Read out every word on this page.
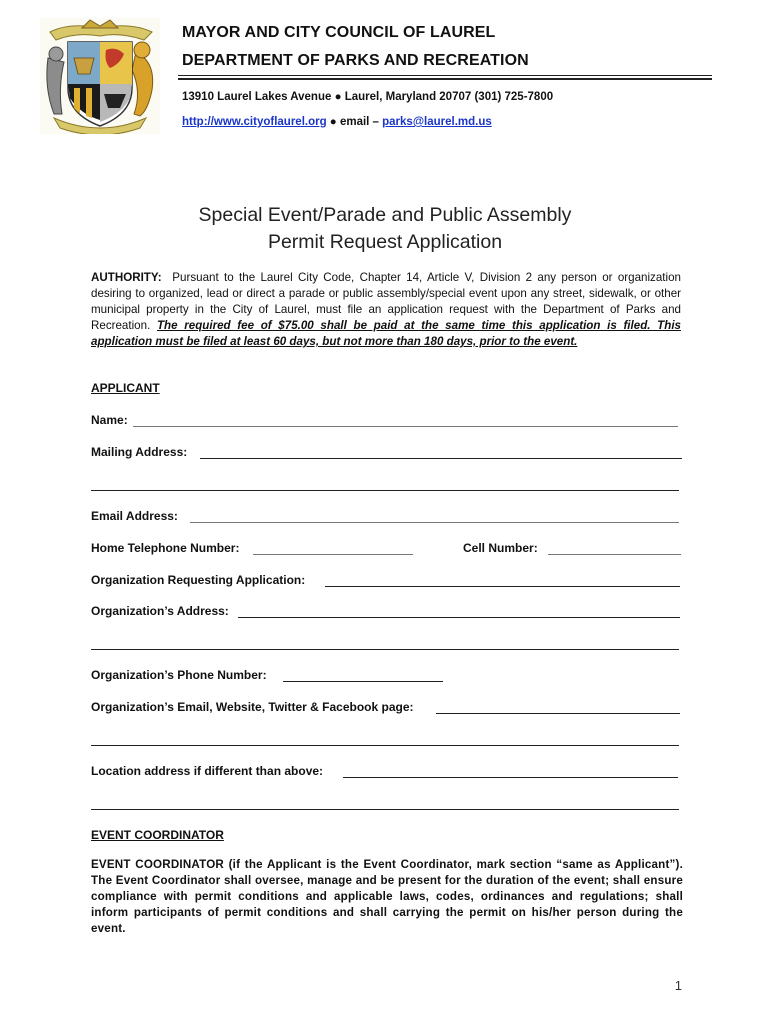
MAYOR AND CITY COUNCIL OF LAUREL
DEPARTMENT OF PARKS AND RECREATION
13910 Laurel Lakes Avenue ● Laurel, Maryland 20707 (301) 725-7800
http://www.cityoflaurel.org ● email – parks@laurel.md.us
Special Event/Parade and Public Assembly
Permit Request Application
AUTHORITY:  Pursuant to the Laurel City Code, Chapter 14, Article V, Division 2 any person or organization desiring to organized, lead or direct a parade or public assembly/special event upon any street, sidewalk, or other municipal property in the City of Laurel, must file an application request with the Department of Parks and Recreation. The required fee of $75.00 shall be paid at the same time this application is filed. This application must be filed at least 60 days, but not more than 180 days, prior to the event.
APPLICANT
Name:
Mailing Address:
Email Address:
Home Telephone Number:	Cell Number:
Organization Requesting Application:
Organization’s Address:
Organization’s Phone Number:
Organization’s Email, Website, Twitter & Facebook page:
Location address if different than above:
EVENT COORDINATOR
EVENT COORDINATOR (if the Applicant is the Event Coordinator, mark section “same as Applicant”). The Event Coordinator shall oversee, manage and be present for the duration of the event; shall ensure compliance with permit conditions and applicable laws, codes, ordinances and regulations; shall inform participants of permit conditions and shall carrying the permit on his/her person during the event.
1
